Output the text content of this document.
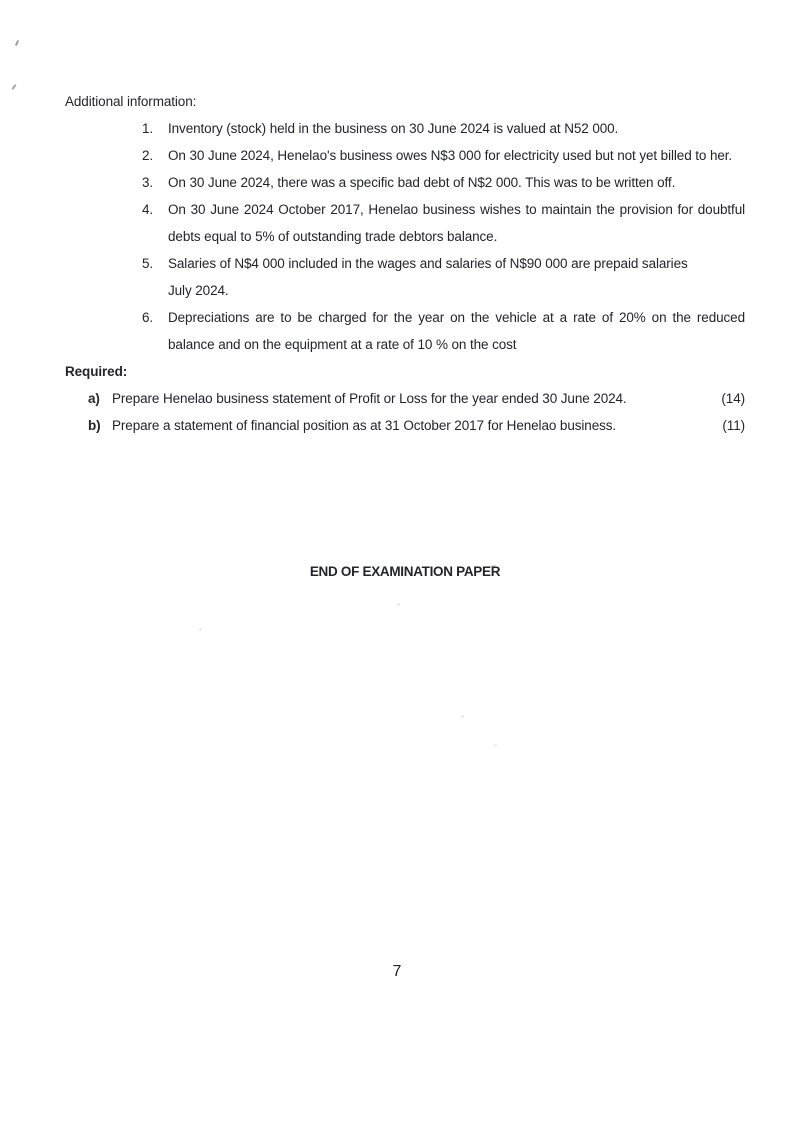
Additional information:
1.	Inventory (stock) held in the business on 30 June 2024 is valued at N52 000.
2.	On 30 June 2024, Henelao's business owes N$3 000 for electricity used but not yet billed to her.
3.	On 30 June 2024, there was a specific bad debt of N$2 000. This was to be written off.
4.	On 30 June 2024 October 2017, Henelao business wishes to maintain the provision for doubtful
debts equal to 5% of outstanding trade debtors balance.
5.	Salaries of N$4 000 included in the wages and salaries of N$90 000 are prepaid salaries
July 2024.
6.	Depreciations are to be charged for the year on the vehicle at a rate of 20% on the reduced
balance and on the equipment at a rate of 10 % on the cost
Required:
a) Prepare Henelao business statement of Profit or Loss for the year ended 30 June 2024.	(14)
b) Prepare a statement of financial position as at 31 October 2017 for Henelao business.	(11)
END OF EXAMINATION PAPER
7
